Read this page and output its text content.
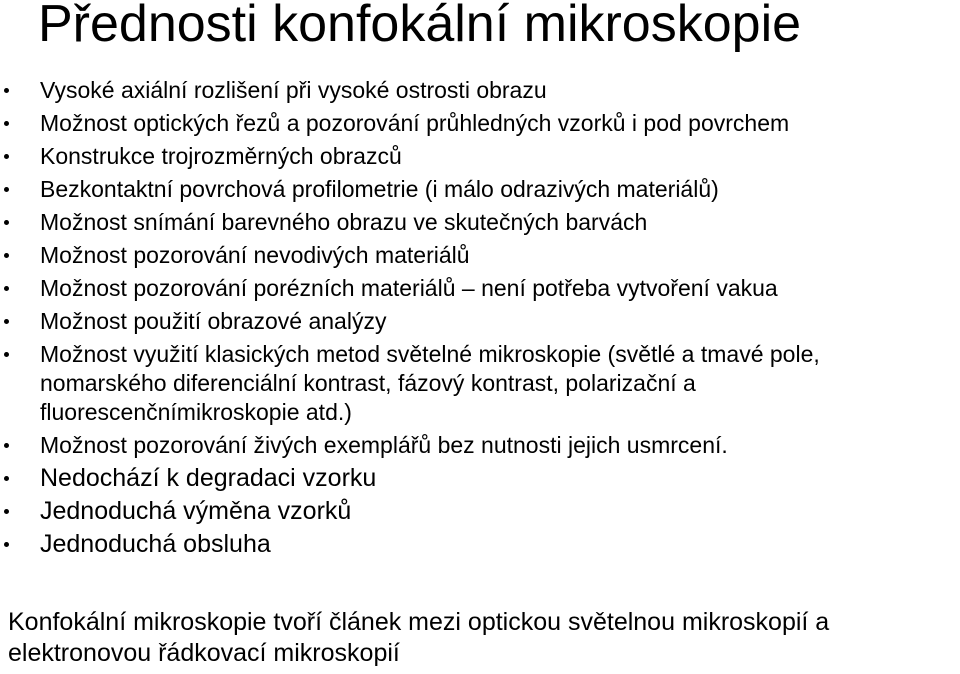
Přednosti konfokální mikroskopie
Vysoké axiální rozlišení při vysoké ostrosti obrazu
Možnost optických řezů a pozorování průhledných vzorků i pod povrchem
Konstrukce trojrozměrných obrazců
Bezkontaktní povrchová profilometrie (i málo odrazivých materiálů)
Možnost snímání barevného obrazu ve skutečných barvách
Možnost pozorování nevodivých materiálů
Možnost pozorování porézních materiálů – není potřeba vytvoření vakua
Možnost použití obrazové analýzy
Možnost využití klasických metod světelné mikroskopie (světlé a tmavé pole, nomarského diferenciální kontrast, fázový kontrast, polarizační a fluorescenčnímikroskopie atd.)
Možnost pozorování živých exemplářů bez nutnosti jejich usmrcení.
Nedochází k degradaci vzorku
Jednoduchá výměna vzorků
Jednoduchá obsluha

Konfokální mikroskopie tvoří článek mezi optickou světelnou mikroskopií a elektronovou řádkovací mikroskopií
